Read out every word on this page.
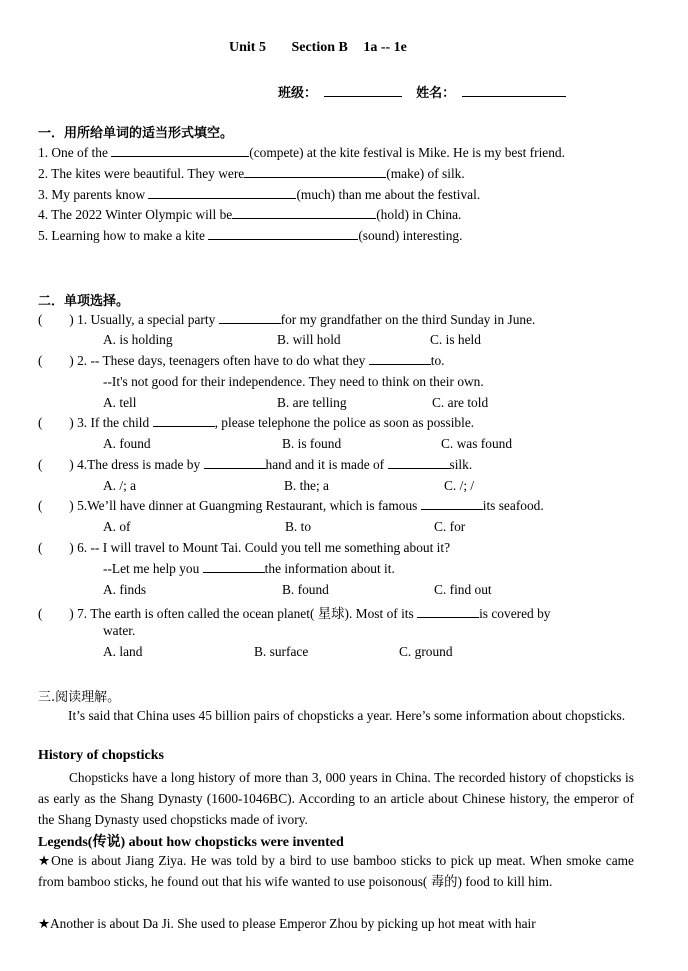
Unit 5 Section B 1a -- 1e
班级：	姓名：
一．用所给单词的适当形式填空。
1. One of the	(compete) at the kite festival is Mike. He is my best friend.
2. The kites were beautiful. They were	(make) of silk.
3. My parents know	(much) than me about the festival.
4. The 2022 Winter Olympic will be	(hold) in China.
5. Learning how to make a kite	(sound) interesting.
二．单项选择。
(        ) 1. Usually, a special party	for my grandfather on the third Sunday in June.
A. is holding	B. will hold	C. is held
(        ) 2. -- These days, teenagers often have to do what they	to.
--It's not good for their independence. They need to think on their own.
A. tell	B. are telling	C. are told
(        ) 3. If the child	, please telephone the police as soon as possible.
A. found	B. is found	C. was found
(        ) 4.The dress is made by	hand and it is made of	silk.
A. /; a	B. the; a	C. /; /
(        ) 5.We’ll have dinner at Guangming Restaurant, which is famous	its seafood.
A. of	B. to	C. for
(        ) 6. -- I will travel to Mount Tai. Could you tell me something about it?
--Let me help you	the information about it.
A. finds	B. found	C. find out
(        ) 7. The earth is often called the ocean planet( 星球). Most of its	is covered by
water.
A. land	B. surface	C. ground
三.阅读理解。
It’s said that China uses 45 billion pairs of chopsticks a year. Here’s some information about chopsticks.
History of chopsticks
Chopsticks have a long history of more than 3, 000 years in China. The recorded history of chopsticks is as early as the Shang Dynasty (1600-1046BC). According to an article about Chinese history, the emperor of the Shang Dynasty used chopsticks made of ivory.
Legends(传说) about how chopsticks were invented
★One is about Jiang Ziya. He was told by a bird to use bamboo sticks to pick up meat. When smoke came from bamboo sticks, he found out that his wife wanted to use poisonous( 毒的) food to kill him.
★Another is about Da Ji. She used to please Emperor Zhou by picking up hot meat with hair
